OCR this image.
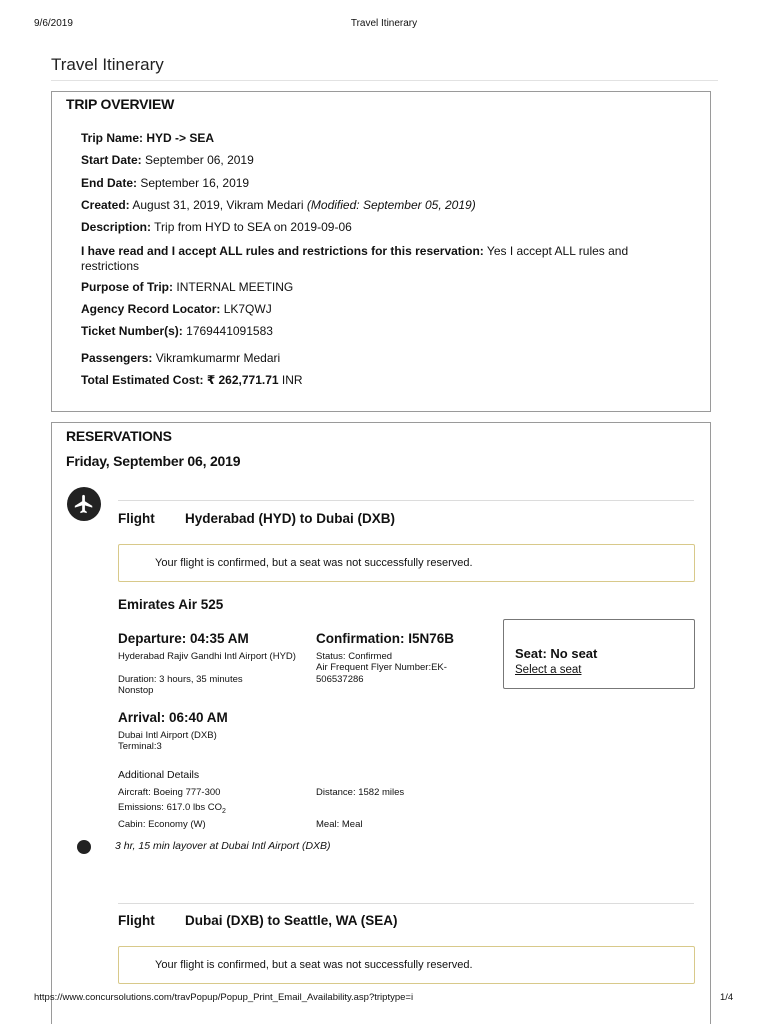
9/6/2019	Travel Itinerary
Travel Itinerary
TRIP OVERVIEW
Trip Name: HYD -> SEA
Start Date: September 06, 2019
End Date: September 16, 2019
Created: August 31, 2019, Vikram Medari (Modified: September 05, 2019)
Description: Trip from HYD to SEA on 2019-09-06
I have read and I accept ALL rules and restrictions for this reservation: Yes I accept ALL rules and restrictions
Purpose of Trip: INTERNAL MEETING
Agency Record Locator: LK7QWJ
Ticket Number(s): 1769441091583
Passengers: Vikramkumarmr Medari
Total Estimated Cost: ₹ 262,771.71 INR
RESERVATIONS
Friday, September 06, 2019
Flight Hyderabad (HYD) to Dubai (DXB)
Your flight is confirmed, but a seat was not successfully reserved.
Emirates Air 525
Departure: 04:35 AM
Hyderabad Rajiv Gandhi Intl Airport (HYD)
Duration: 3 hours, 35 minutes
Nonstop
Confirmation: I5N76B
Status: Confirmed
Air Frequent Flyer Number:EK-506537286
Seat: No seat
Select a seat
Arrival: 06:40 AM
Dubai Intl Airport (DXB)
Terminal:3
Additional Details
Aircraft: Boeing 777-300	Distance: 1582 miles
Emissions: 617.0 lbs $CO_2$
Cabin: Economy (W)	Meal: Meal
3 hr, 15 min layover at Dubai Intl Airport (DXB)
Flight Dubai (DXB) to Seattle, WA (SEA)
Your flight is confirmed, but a seat was not successfully reserved.
https://www.concursolutions.com/travPopup/Popup_Print_Email_Availability.asp?triptype=i	1/4
